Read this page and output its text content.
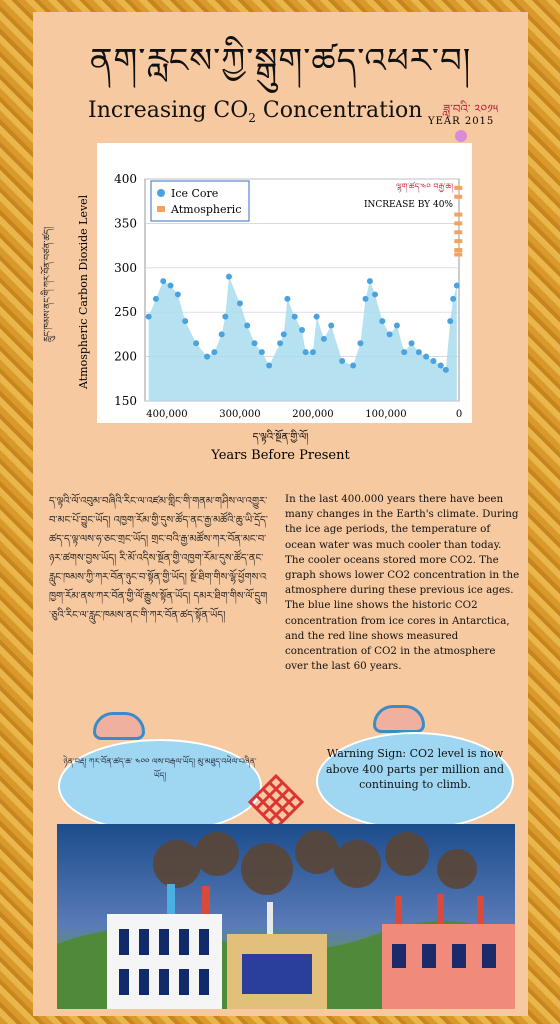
ནག་རླངས་ཀྱི་སྒུག་ཚད་འཕར་བ།
Increasing $CO_2$ Concentration ཟླ་བའི་ ༢༠༡༥
YEAR 2015
རླུང་ཁམས་ནང་གི་ཀར་བོན་བཙན་ཚད། Atmospheric Carbon Dioxide Level
400
350
300
250
200
150
400,000	300,000	200,000	100,000	0
Ice Core
Atmospheric
ལྷག་ཚད་༤༠ བརྒྱ་ཆ།
INCREASE BY 40%
ད་ལྟའི་སྔོན་གྱི་ལོ།
Years Before Present
ད་ལྟའི་ལོ་འབུམ་བཞིའི་རིང་ལ་འཛམ་གླིང་གི་གནམ་གཤིས་ལ་འགྱུར་བ་མང་པོ་བྱུང་ཡོད། འཁྱག་རོམ་གྱི་དུས་ཚོད་ནང་རྒྱ་མཚོའི་ཆུ་ཡི་དྲོད་ཚད་ད་ལྟ་ལས་ཧ་ཅང་གྲང་ཡོད། གྲང་བའི་རྒྱ་མཚོས་ཀར་བོན་མང་བ་ཉར་ཚགས་བྱས་ཡོད། རི་མོ་འདིས་སྔོན་གྱི་འཁྱག་རོམ་དུས་ཚོད་ནང་རླུང་ཁམས་ཀྱི་ཀར་བོན་ཉུང་བ་སྟོན་གྱི་ཡོད། སྔོ་ཐིག་གིས་ལྷོ་ཕྱོགས་འཁྱག་རོམ་ནས་ཀར་བོན་གྱི་ལོ་རྒྱུས་སྟོན་ཡོད། དམར་ཐིག་གིས་ལོ་དྲུག་ཅུའི་རིང་ལ་རླུང་ཁམས་ནང་གི་ཀར་བོན་ཚད་སྟོན་ཡོད།
In the last 400.000 years there have been many changes in the Earth's climate. During the ice age periods, the temperature of ocean water was much cooler than today. The cooler oceans stored more CO2. The graph shows lower CO2 concentration in the atmosphere during these previous ice ages. The blue line shows the historic CO2 concentration from ice cores in Antarctica, and the red line shows measured concentration of CO2 in the atmosphere over the last 60 years.
ཉེན་བརྡ། ཀར་བོན་ཚད་ཆ་ ༤༠༠ ལས་བརྒལ་ཡོད། མུ་མཐུད་འཕེལ་བཞིན་ཡོད།
Warning Sign: CO2 level is now above 400 parts per million and continuing to climb.
